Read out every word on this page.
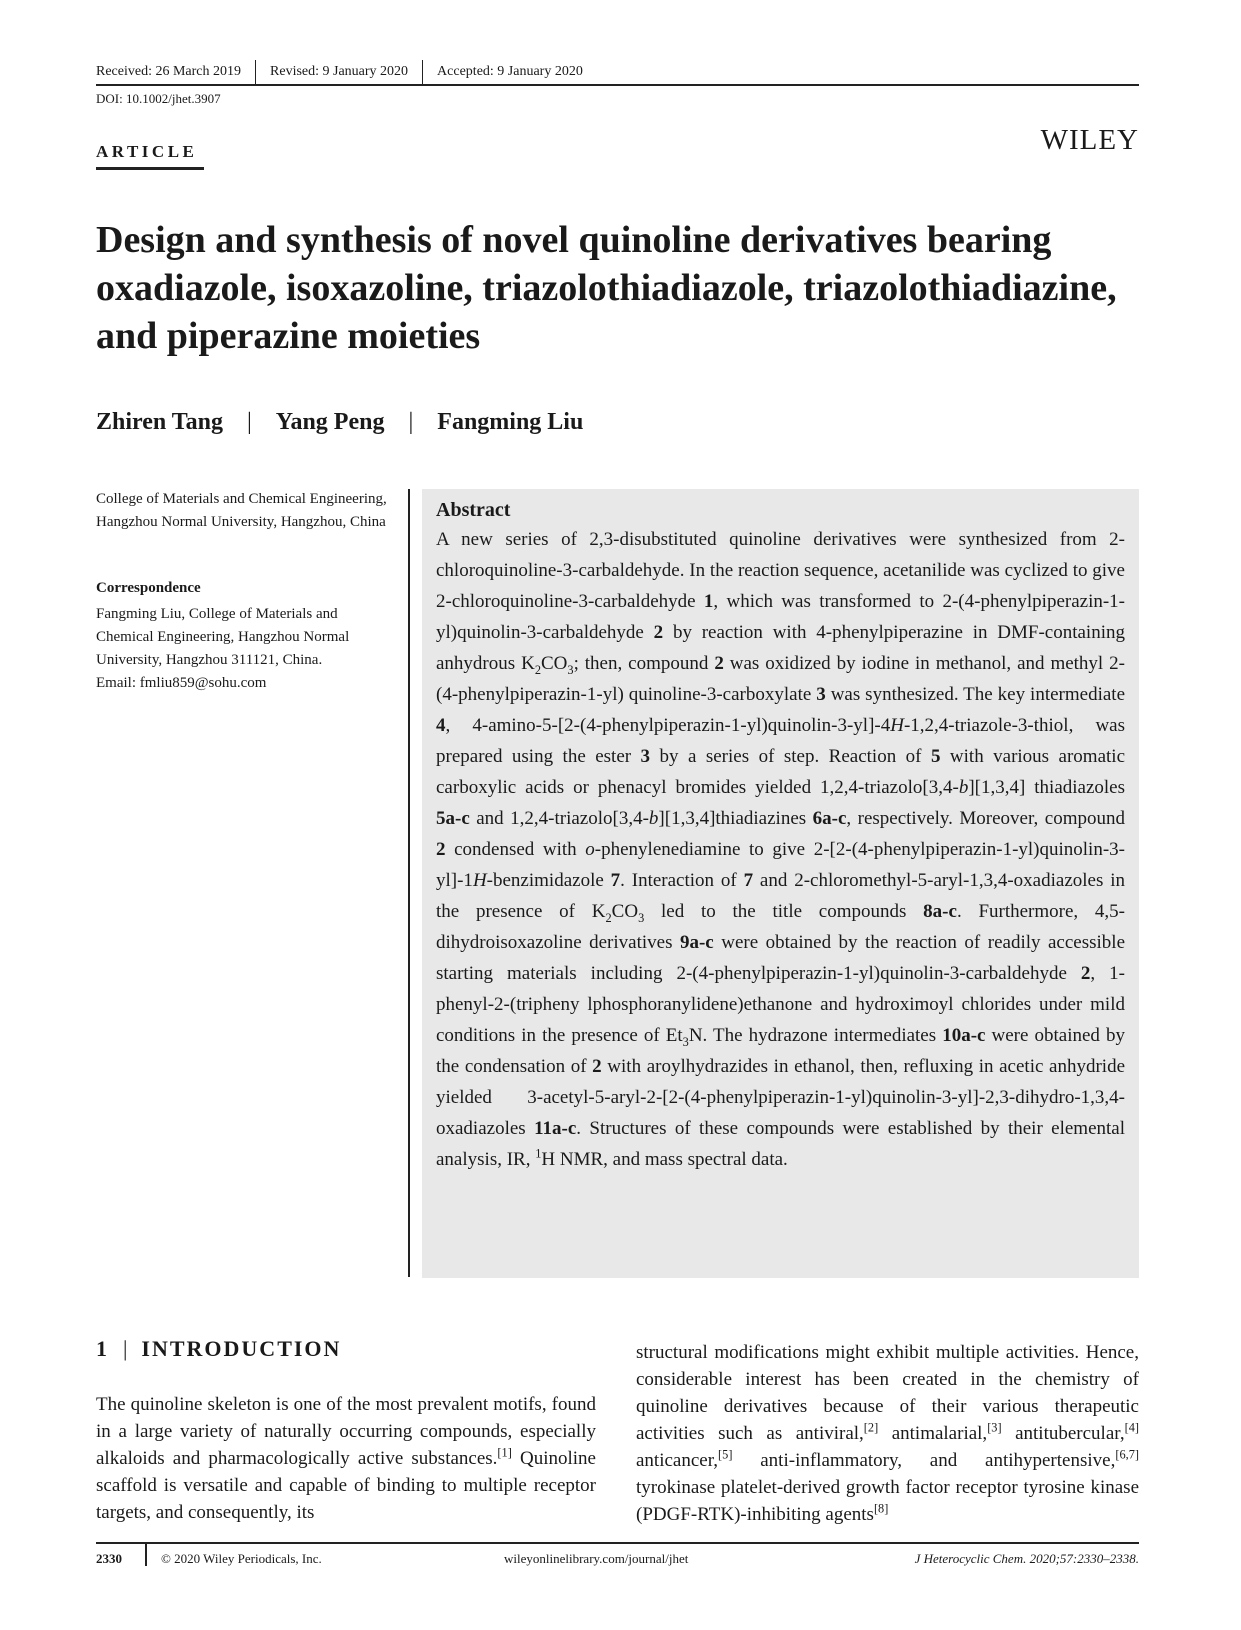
Received: 26 March 2019 Revised: 9 January 2020 Accepted: 9 January 2020
DOI: 10.1002/jhet.3907
ARTICLE	WILEY
Design and synthesis of novel quinoline derivatives bearing oxadiazole, isoxazoline, triazolothiadiazole, triazolothiadiazine, and piperazine moieties
Zhiren Tang | Yang Peng | Fangming Liu
College of Materials and Chemical Engineering, Hangzhou Normal University, Hangzhou, China
Correspondence
Fangming Liu, College of Materials and
Chemical Engineering, Hangzhou Normal
University, Hangzhou 311121, China.
Email: fmliu859@sohu.com
Abstract

A new series of 2,3-disubstituted quinoline derivatives were synthesized from 2-chloroquinoline-3-carbaldehyde. In the reaction sequence, acetanilide was cyclized to give 2-chloroquinoline-3-carbaldehyde 1, which was transformed to 2-(4-phenylpiperazin-1-yl)quinolin-3-carbaldehyde 2 by reaction with 4-phenylpiperazine in DMF-containing anhydrous $K_2CO_3$; then, compound 2 was oxidized by iodine in methanol, and methyl 2-(4-phenylpiperazin-1-yl) quinoline-3-carboxylate 3 was synthesized. The key intermediate 4, 4-amino-5-[2-(4-phenylpiperazin-1-yl)quinolin-3-yl]-4H-1,2,4-triazole-3-thiol, was prepared using the ester 3 by a series of step. Reaction of 5 with various aromatic carboxylic acids or phenacyl bromides yielded 1,2,4-triazolo[3,4-b][1,3,4] thiadiazoles 5a-c and 1,2,4-triazolo[3,4-b][1,3,4]thiadiazines 6a-c, respectively. Moreover, compound 2 condensed with o-phenylenediamine to give 2-[2-(4-phenylpiperazin-1-yl)quinolin-3-yl]-1H-benzimidazole 7. Interaction of 7 and 2-chloromethyl-5-aryl-1,3,4-oxadiazoles in the presence of $K_2CO_3$ led to the title compounds 8a-c. Furthermore, 4,5-dihydroisoxazoline derivatives 9a-c were obtained by the reaction of readily accessible starting materials including 2-(4-phenylpiperazin-1-yl)quinolin-3-carbaldehyde 2, 1-phenyl-2-(tripheny lphosphoranylidene)ethanone and hydroximoyl chlorides under mild conditions in the presence of $Et_3N$. The hydrazone intermediates 10a-c were obtained by the condensation of 2 with aroylhydrazides in ethanol, then, refluxing in acetic anhydride yielded 3-acetyl-5-aryl-2-[2-(4-phenylpiperazin-1-yl)quinolin-3-yl]-2,3-dihydro-1,3,4-oxadiazoles 11a-c. Structures of these compounds were established by their elemental analysis, IR, $^1$H NMR, and mass spectral data.

1 | INTRODUCTION

The quinoline skeleton is one of the most prevalent motifs, found in a large variety of naturally occurring compounds, especially alkaloids and pharmacologically active substances.[1] Quinoline scaffold is versatile and capable of binding to multiple receptor targets, and consequently, its

structural modifications might exhibit multiple activities. Hence, considerable interest has been created in the chemistry of quinoline derivatives because of their various therapeutic activities such as antiviral,[2] antimalarial,[3] antitubercular,[4] anticancer,[5] anti-inflammatory, and antihypertensive,[6,7] tyrokinase platelet-derived growth factor receptor tyrosine kinase (PDGF-RTK)-inhibiting agents[8]

2330	© 2020 Wiley Periodicals, Inc.	wileyonlinelibrary.com/journal/jhet	J Heterocyclic Chem. 2020;57:2330–2338.
